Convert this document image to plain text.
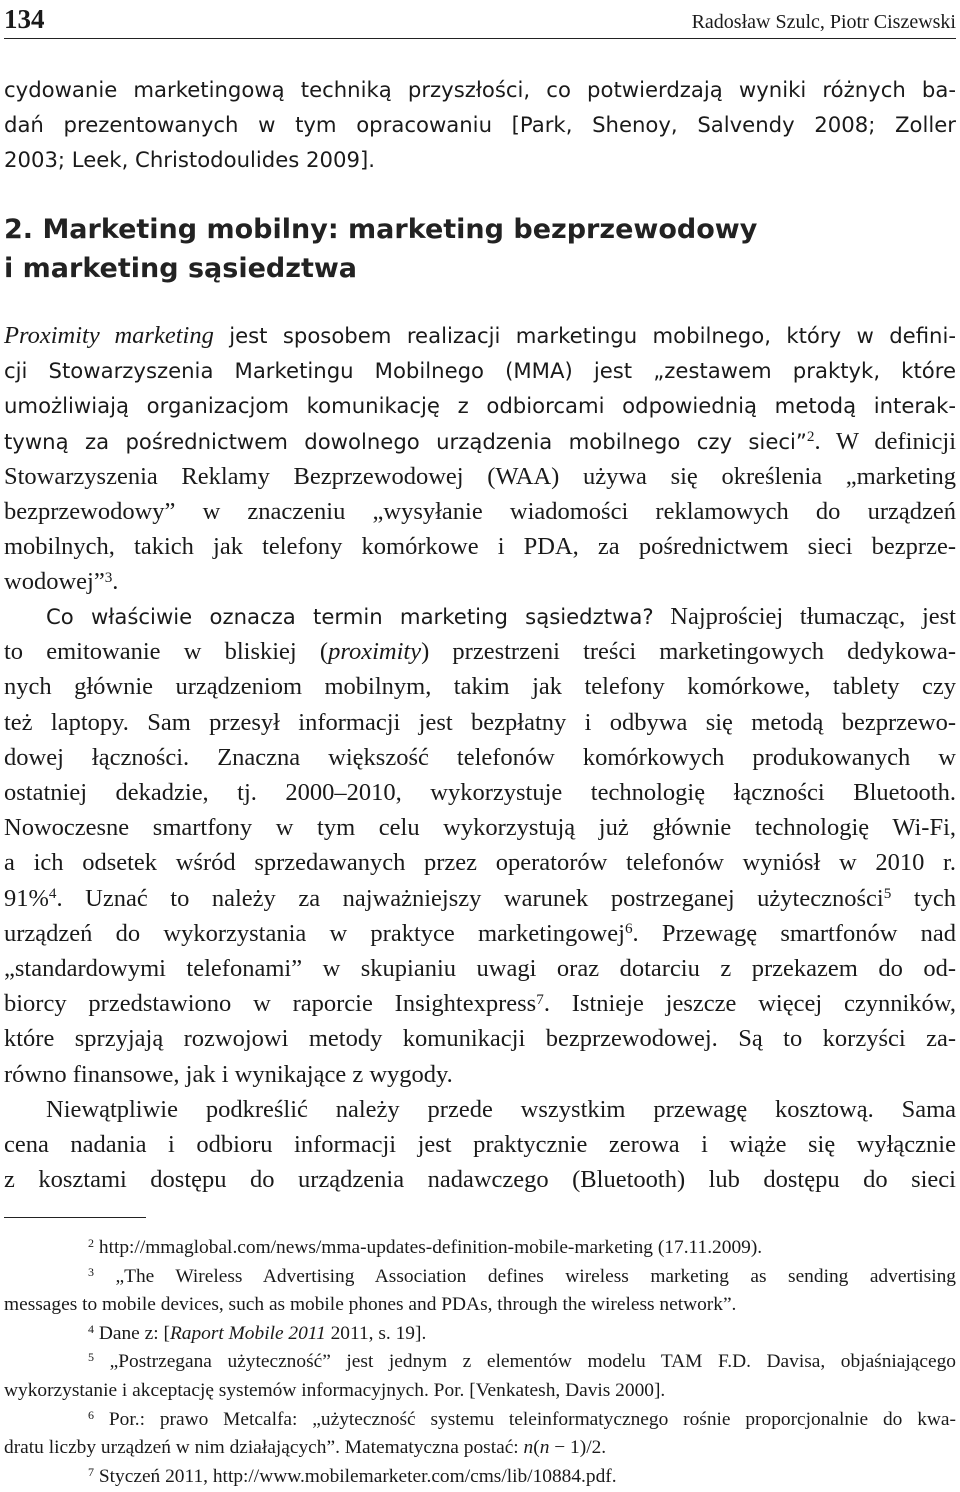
134	Radosław Szulc, Piotr Ciszewski
cydowanie marketingową techniką przyszłości, co potwierdzają wyniki różnych ba-
dań prezentowanych w tym opracowaniu [Park, Shenoy, Salvendy 2008; Zoller
2003; Leek, Christodoulides 2009].
2. Marketing mobilny: marketing bezprzewodowy
i marketing sąsiedztwa
Proximity marketing jest sposobem realizacji marketingu mobilnego, który w defini-
cji Stowarzyszenia Marketingu Mobilnego (MMA) jest „zestawem praktyk, które
umożliwiają organizacjom komunikację z odbiorcami odpowiednią metodą interak-
tywną za pośrednictwem dowolnego urządzenia mobilnego czy sieci”$^2$. W definicji
Stowarzyszenia Reklamy Bezprzewodowej (WAA) używa się określenia „marketing
bezprzewodowy” w znaczeniu „wysyłanie wiadomości reklamowych do urządzeń
mobilnych, takich jak telefony komórkowe i PDA, za pośrednictwem sieci bezprze-
wodowej”$^3$.
Co właściwie oznacza termin marketing sąsiedztwa? Najprościej tłumacząc, jest
to emitowanie w bliskiej (proximity) przestrzeni treści marketingowych dedykowa-
nych głównie urządzeniom mobilnym, takim jak telefony komórkowe, tablety czy
też laptopy. Sam przesył informacji jest bezpłatny i odbywa się metodą bezprzewo-
dowej łączności. Znaczna większość telefonów komórkowych produkowanych w
ostatniej dekadzie, tj. 2000–2010, wykorzystuje technologię łączności Bluetooth.
Nowoczesne smartfony w tym celu wykorzystują już głównie technologię Wi-Fi,
a ich odsetek wśród sprzedawanych przez operatorów telefonów wyniósł w 2010 r.
91%$^4$. Uznać to należy za najważniejszy warunek postrzeganej użyteczności$^5$ tych
urządzeń do wykorzystania w praktyce marketingowej$^6$. Przewagę smartfonów nad
„standardowymi telefonami” w skupianiu uwagi oraz dotarciu z przekazem do od-
biorcy przedstawiono w raporcie Insightexpress$^7$. Istnieje jeszcze więcej czynników,
które sprzyjają rozwojowi metody komunikacji bezprzewodowej. Są to korzyści za-
równo finansowe, jak i wynikające z wygody.
Niewątpliwie podkreślić należy przede wszystkim przewagę kosztową. Sama
cena nadania i odbioru informacji jest praktycznie zerowa i wiąże się wyłącznie
z kosztami dostępu do urządzenia nadawczego (Bluetooth) lub dostępu do sieci
$^2$ http://mmaglobal.com/news/mma-updates-definition-mobile-marketing (17.11.2009).
$^3$ „The Wireless Advertising Association defines wireless marketing as sending advertising
messages to mobile devices, such as mobile phones and PDAs, through the wireless network”.
$^4$ Dane z: [Raport Mobile 2011 2011, s. 19].
$^5$ „Postrzegana użyteczność” jest jednym z elementów modelu TAM F.D. Davisa, objaśniającego
wykorzystanie i akceptację systemów informacyjnych. Por. [Venkatesh, Davis 2000].
$^6$ Por.: prawo Metcalfa: „użyteczność systemu teleinformatycznego rośnie proporcjonalnie do kwa-
dratu liczby urządzeń w nim działających”. Matematyczna postać: n(n − 1)/2.
$^7$ Styczeń 2011, http://www.mobilemarketer.com/cms/lib/10884.pdf.
